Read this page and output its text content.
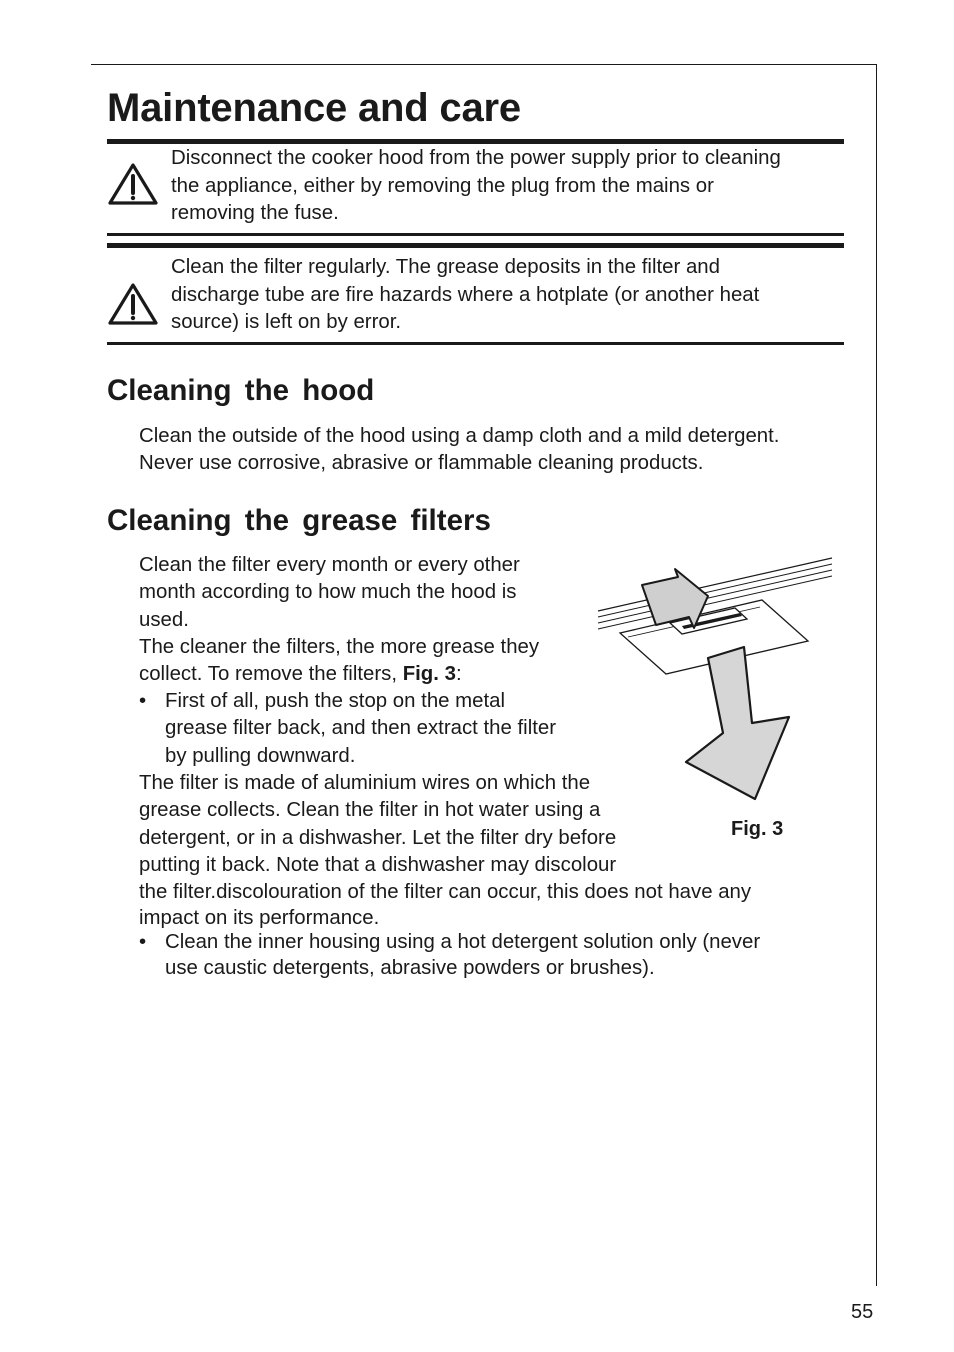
Maintenance and care
Disconnect the cooker hood from the power supply prior to cleaning
the appliance, either by removing the plug from the mains or
removing the fuse.
Clean the filter regularly. The grease deposits in the filter and
discharge tube are fire hazards where a hotplate (or another heat
source) is left on by error.
Cleaning the hood
Clean the outside of the hood using a damp cloth and a mild detergent.
Never use corrosive, abrasive or flammable cleaning products.
Cleaning the grease filters
Clean the filter every month or every other
month according to how much the hood is
used.
The cleaner the filters, the more grease they
collect. To remove the filters, Fig. 3:
• First of all, push the stop on the metal
grease filter back, and then extract the filter
by pulling downward.
The filter is made of aluminium wires on which the
grease collects. Clean the filter in hot water using a
detergent, or in a dishwasher. Let the filter dry before
putting it back. Note that a dishwasher may discolour
the filter.discolouration of the filter can occur, this does not have any
impact on its performance.
• Clean the inner housing using a hot detergent solution only (never
use caustic detergents, abrasive powders or brushes).
Fig. 3
55
